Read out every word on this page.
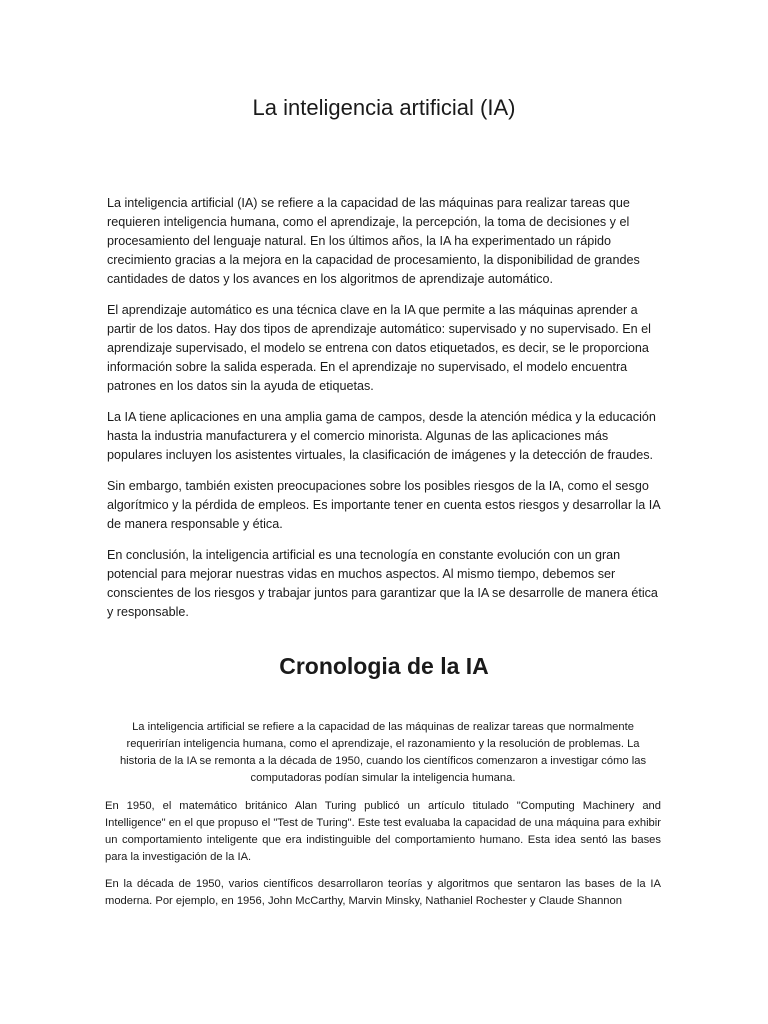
La inteligencia artificial (IA)

La inteligencia artificial (IA) se refiere a la capacidad de las máquinas para realizar tareas que requieren inteligencia humana, como el aprendizaje, la percepción, la toma de decisiones y el procesamiento del lenguaje natural. En los últimos años, la IA ha experimentado un rápido crecimiento gracias a la mejora en la capacidad de procesamiento, la disponibilidad de grandes cantidades de datos y los avances en los algoritmos de aprendizaje automático.

El aprendizaje automático es una técnica clave en la IA que permite a las máquinas aprender a partir de los datos. Hay dos tipos de aprendizaje automático: supervisado y no supervisado. En el aprendizaje supervisado, el modelo se entrena con datos etiquetados, es decir, se le proporciona información sobre la salida esperada. En el aprendizaje no supervisado, el modelo encuentra patrones en los datos sin la ayuda de etiquetas.

La IA tiene aplicaciones en una amplia gama de campos, desde la atención médica y la educación hasta la industria manufacturera y el comercio minorista. Algunas de las aplicaciones más populares incluyen los asistentes virtuales, la clasificación de imágenes y la detección de fraudes.

Sin embargo, también existen preocupaciones sobre los posibles riesgos de la IA, como el sesgo algorítmico y la pérdida de empleos. Es importante tener en cuenta estos riesgos y desarrollar la IA de manera responsable y ética.

En conclusión, la inteligencia artificial es una tecnología en constante evolución con un gran potencial para mejorar nuestras vidas en muchos aspectos. Al mismo tiempo, debemos ser conscientes de los riesgos y trabajar juntos para garantizar que la IA se desarrolle de manera ética y responsable.

Cronologia de la IA

La inteligencia artificial se refiere a la capacidad de las máquinas de realizar tareas que normalmente requerirían inteligencia humana, como el aprendizaje, el razonamiento y la resolución de problemas. La historia de la IA se remonta a la década de 1950, cuando los científicos comenzaron a investigar cómo las computadoras podían simular la inteligencia humana.

En 1950, el matemático británico Alan Turing publicó un artículo titulado "Computing Machinery and Intelligence" en el que propuso el "Test de Turing". Este test evaluaba la capacidad de una máquina para exhibir un comportamiento inteligente que era indistinguible del comportamiento humano. Esta idea sentó las bases para la investigación de la IA.

En la década de 1950, varios científicos desarrollaron teorías y algoritmos que sentaron las bases de la IA moderna. Por ejemplo, en 1956, John McCarthy, Marvin Minsky, Nathaniel Rochester y Claude Shannon
